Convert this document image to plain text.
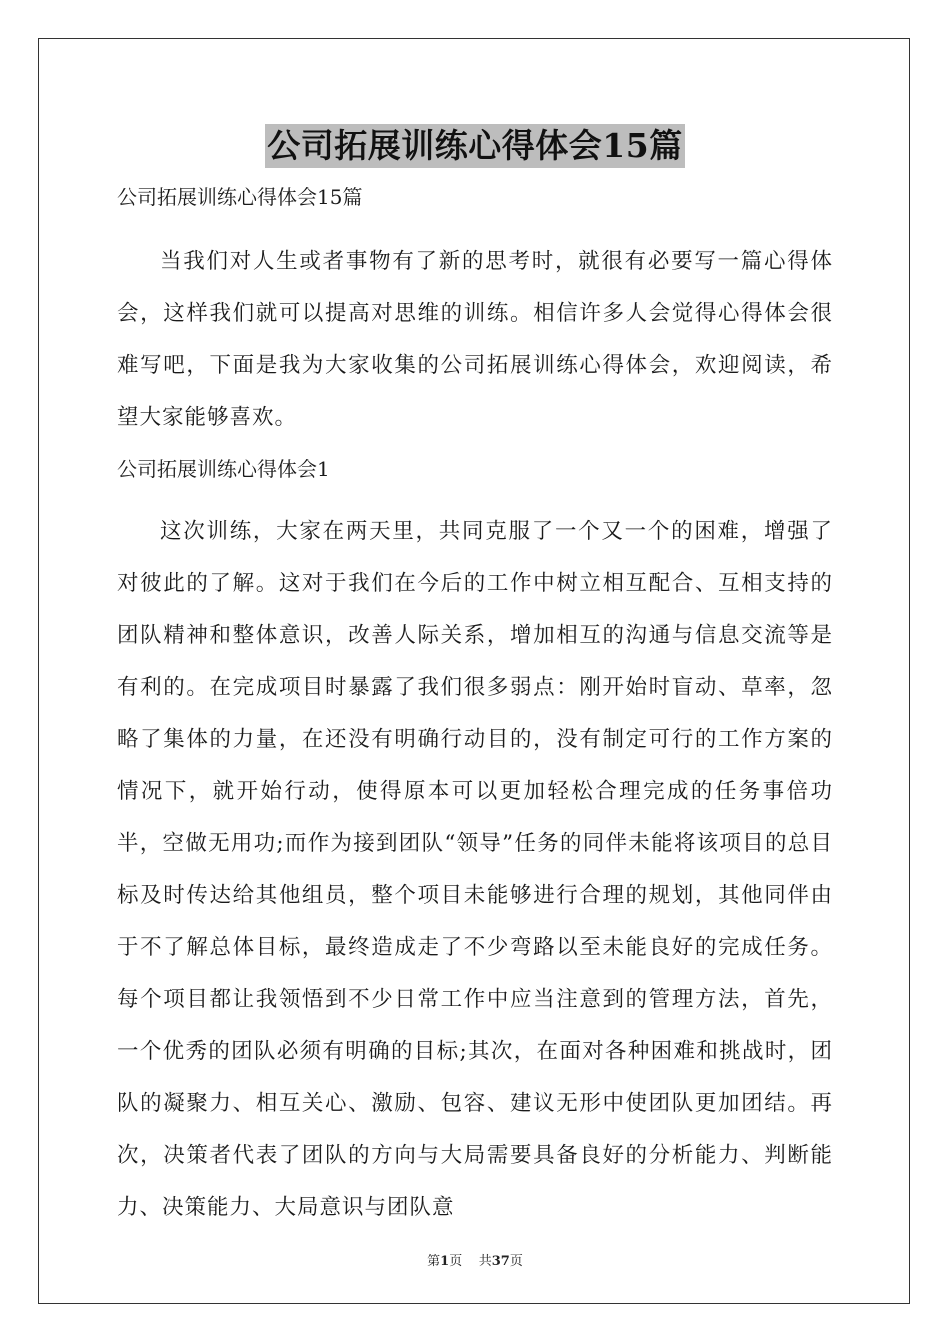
公司拓展训练心得体会15篇

公司拓展训练心得体会15篇

当我们对人生或者事物有了新的思考时，就很有必要写一篇心得体会，这样我们就可以提高对思维的训练。相信许多人会觉得心得体会很难写吧，下面是我为大家收集的公司拓展训练心得体会，欢迎阅读，希望大家能够喜欢。

公司拓展训练心得体会1

这次训练，大家在两天里，共同克服了一个又一个的困难，增强了对彼此的了解。这对于我们在今后的工作中树立相互配合、互相支持的团队精神和整体意识，改善人际关系，增加相互的沟通与信息交流等是有利的。在完成项目时暴露了我们很多弱点：刚开始时盲动、草率，忽略了集体的力量，在还没有明确行动目的，没有制定可行的工作方案的情况下，就开始行动，使得原本可以更加轻松合理完成的任务事倍功半，空做无用功;而作为接到团队“领导”任务的同伴未能将该项目的总目标及时传达给其他组员，整个项目未能够进行合理的规划，其他同伴由于不了解总体目标，最终造成走了不少弯路以至未能良好的完成任务。每个项目都让我领悟到不少日常工作中应当注意到的管理方法，首先，一个优秀的团队必须有明确的目标;其次，在面对各种困难和挑战时，团队的凝聚力、相互关心、激励、包容、建议无形中使团队更加团结。再次，决策者代表了团队的方向与大局需要具备良好的分析能力、判断能力、决策能力、大局意识与团队意

第1页 共37页
